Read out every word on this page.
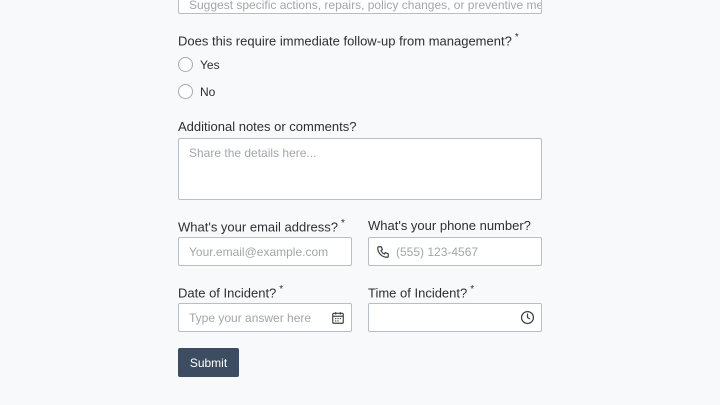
Suggest specific actions, repairs, policy changes, or preventive mea
Does this require immediate follow-up from management? *
Yes
No
Additional notes or comments?
Share the details here...
What's your email address? *
Your.email@example.com What's your phone number?
(555) 123-4567
Date of Incident? *
Type your answer here	Time of Incident? *
Submit
